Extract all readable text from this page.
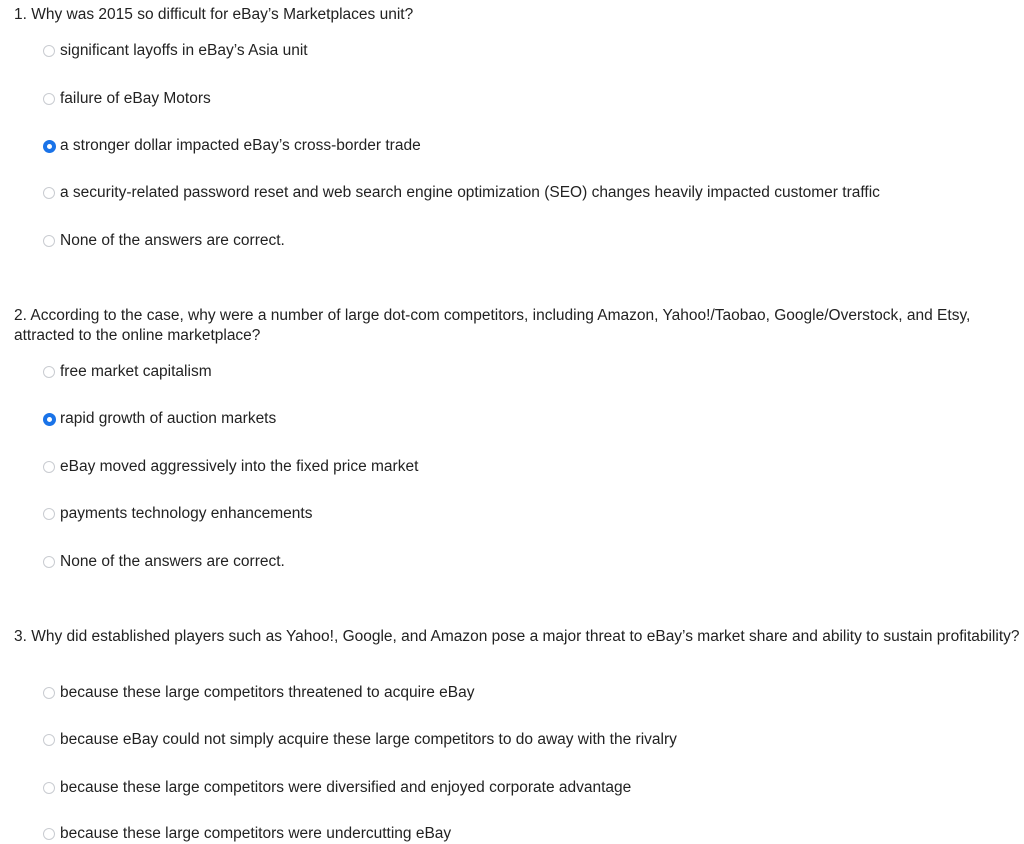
1. Why was 2015 so difficult for eBay’s Marketplaces unit?

significant layoffs in eBay’s Asia unit
failure of eBay Motors
a stronger dollar impacted eBay’s cross-border trade
a security-related password reset and web search engine optimization (SEO) changes heavily impacted customer traffic
None of the answers are correct.

2. According to the case, why were a number of large dot-com competitors, including Amazon, Yahoo!/Taobao, Google/Overstock, and Etsy, attracted to the online marketplace?

free market capitalism
rapid growth of auction markets
eBay moved aggressively into the fixed price market
payments technology enhancements
None of the answers are correct.

3. Why did established players such as Yahoo!, Google, and Amazon pose a major threat to eBay’s market share and ability to sustain profitability?

because these large competitors threatened to acquire eBay
because eBay could not simply acquire these large competitors to do away with the rivalry
because these large competitors were diversified and enjoyed corporate advantage
because these large competitors were undercutting eBay
